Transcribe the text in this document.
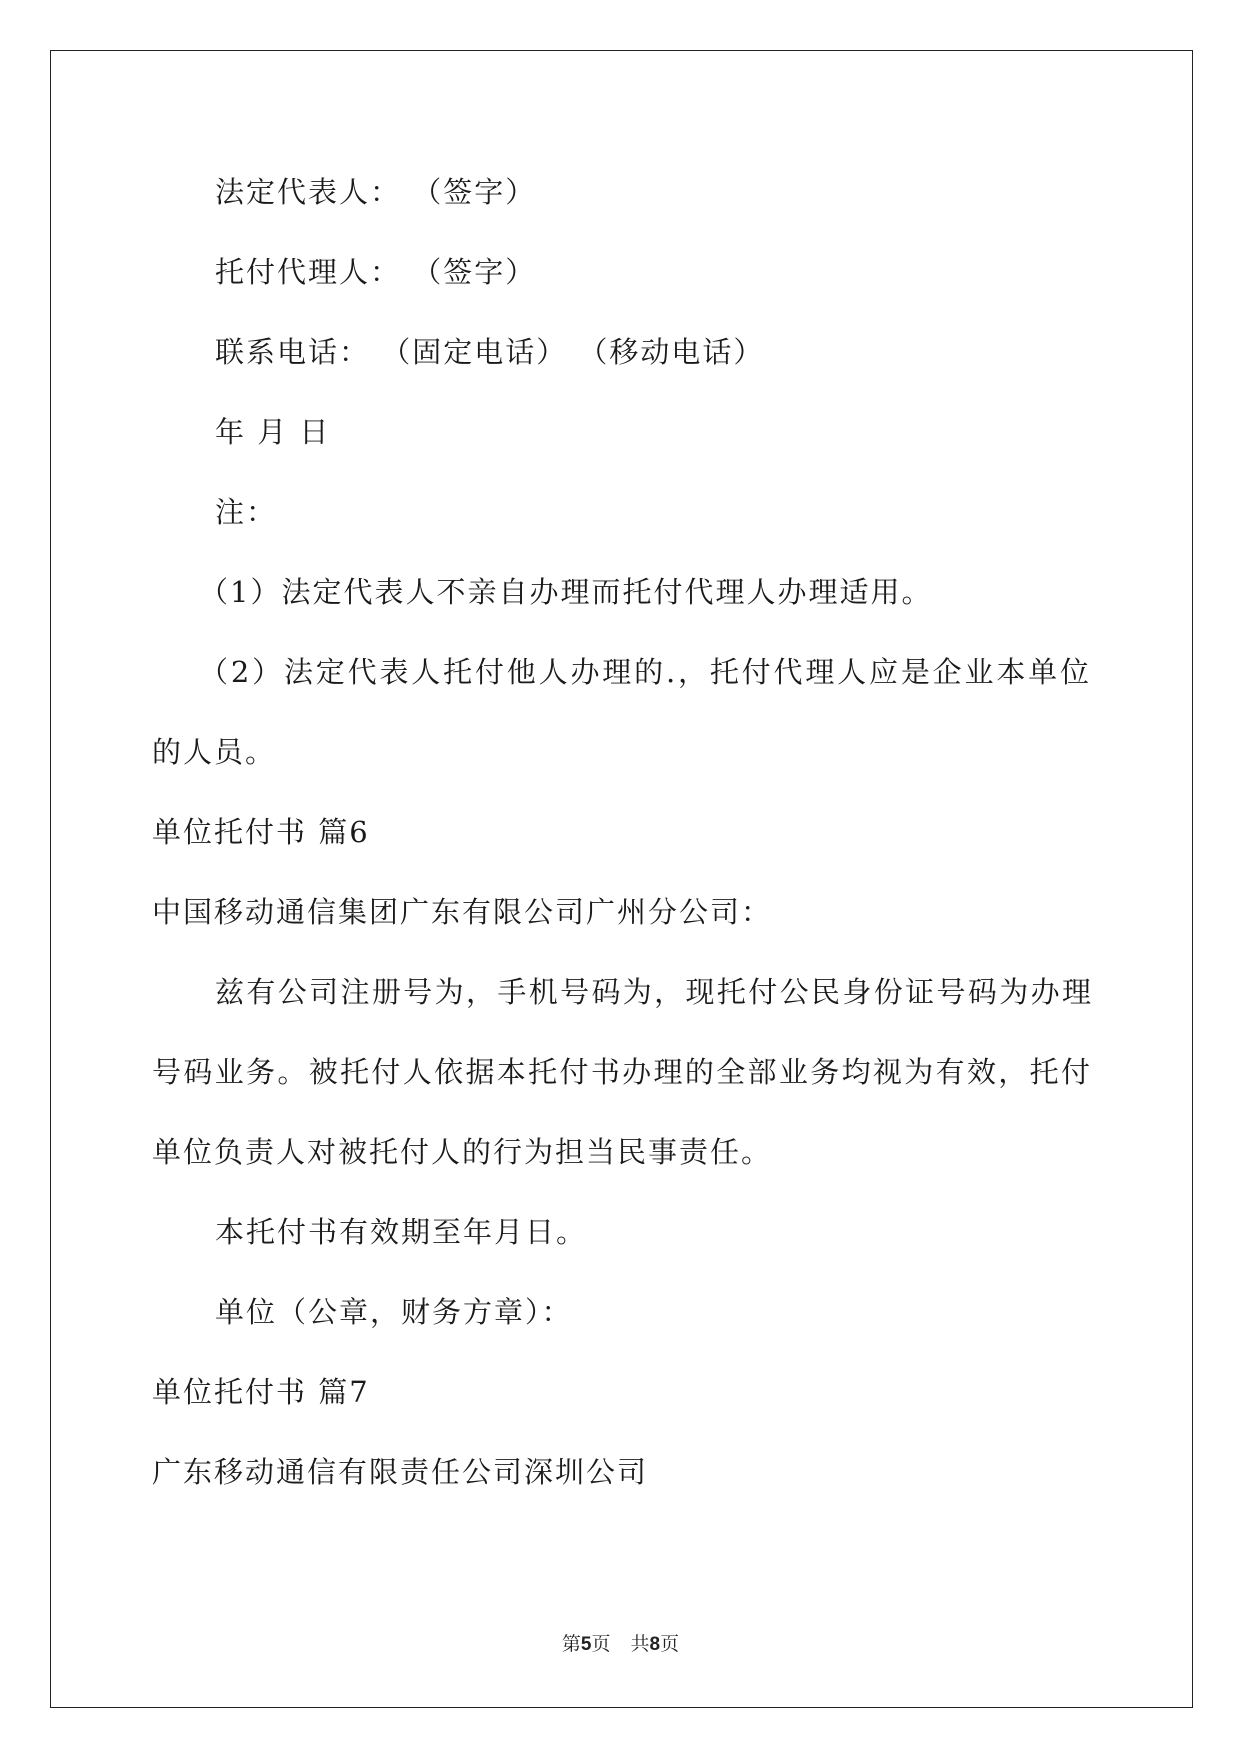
法定代表人： （签字）
托付代理人： （签字）
联系电话： （固定电话） （移动电话）
年 月 日
注：
（1）法定代表人不亲自办理而托付代理人办理适用。
（2）法定代表人托付他人办理的.，托付代理人应是企业本单位
的人员。
单位托付书 篇6
中国移动通信集团广东有限公司广州分公司：
兹有公司注册号为，手机号码为，现托付公民身份证号码为办理
号码业务。被托付人依据本托付书办理的全部业务均视为有效，托付
单位负责人对被托付人的行为担当民事责任。
本托付书有效期至年月日。
单位（公章，财务方章）：
单位托付书 篇7
广东移动通信有限责任公司深圳公司
第5页 共8页
